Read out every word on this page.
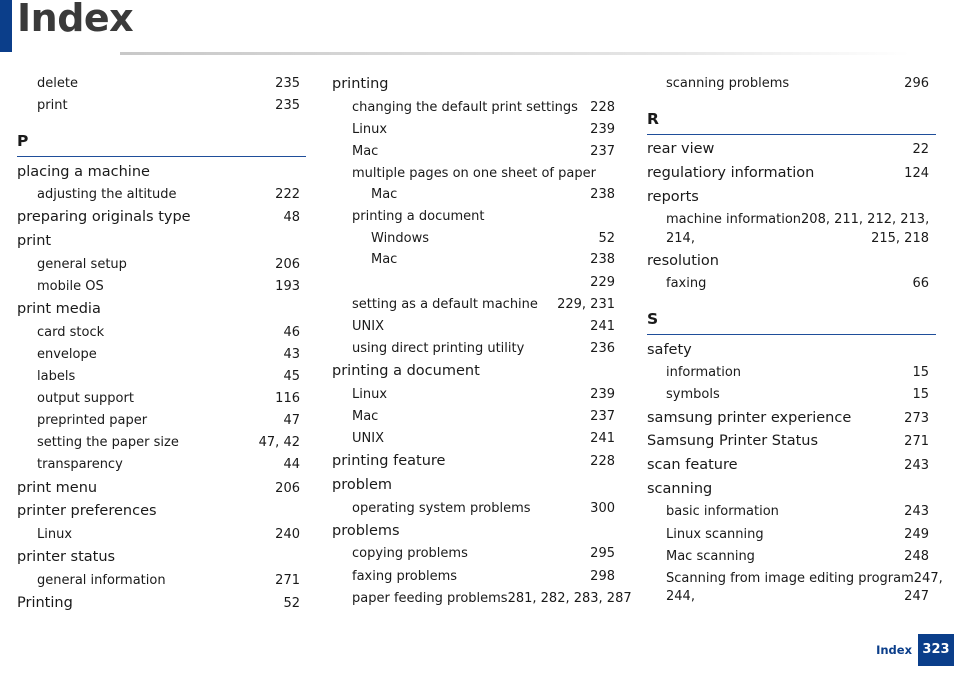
Index
delete	235
print	235
P
placing a machine
adjusting the altitude	222
preparing originals type	48
print
general setup	206
mobile OS	193
print media
card stock	46
envelope	43
labels	45
output support	116
preprinted paper	47
setting the paper size	47, 42
transparency	44
print menu	206
printer preferences
Linux	240
printer status
general information	271
Printing	52
printing
changing the default print settings 228
Linux	239
Mac	237
multiple pages on one sheet of paper
Mac	238
printing a document
Windows	52
Mac	238
229
setting as a default machine 229, 231
UNIX	241
using direct printing utility	236
printing a document
Linux	239
Mac	237
UNIX	241
printing feature	228
problem
operating system problems	300
problems
copying problems	295
faxing problems	298
paper feeding problems 281, 282, 283, 287
scanning problems	296
R
rear view	22
regulatiory information	124
reports
machine information 208, 211, 212, 213,
214,	215, 218
resolution
faxing	66
S
safety
information	15
symbols	15
samsung printer experience	273
Samsung Printer Status	271
scan feature	243
scanning
basic information	243
Linux scanning	249
Mac scanning	248
Scanning from image editing program 247,
244,	247
Index 323
